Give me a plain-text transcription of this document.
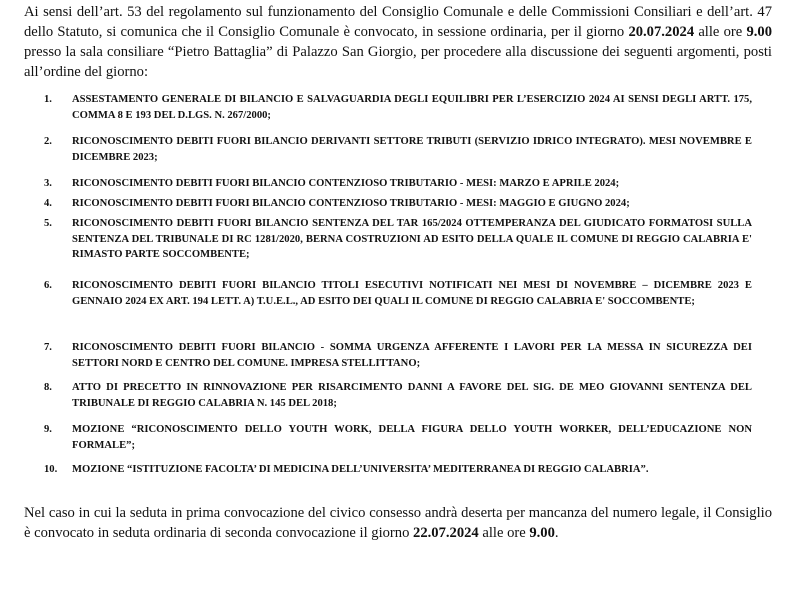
Ai sensi dell’art. 53 del regolamento sul funzionamento del Consiglio Comunale e delle Commissioni Consiliari e dell’art. 47 dello Statuto, si comunica che il Consiglio Comunale è convocato, in sessione ordinaria, per il giorno 20.07.2024 alle ore 9.00 presso la sala consiliare “Pietro Battaglia” di Palazzo San Giorgio, per procedere alla discussione dei seguenti argomenti, posti all’ordine del giorno:

1.	ASSESTAMENTO GENERALE DI BILANCIO E SALVAGUARDIA DEGLI EQUILIBRI PER L’ESERCIZIO 2024 AI SENSI DEGLI ARTT. 175, COMMA 8 E 193 DEL D.LGS. N. 267/2000;
2.	RICONOSCIMENTO DEBITI FUORI BILANCIO DERIVANTI SETTORE TRIBUTI (SERVIZIO IDRICO INTEGRATO). MESI NOVEMBRE E DICEMBRE 2023;
3.	RICONOSCIMENTO DEBITI FUORI BILANCIO CONTENZIOSO TRIBUTARIO - MESI: MARZO E APRILE 2024;
4.	RICONOSCIMENTO DEBITI FUORI BILANCIO CONTENZIOSO TRIBUTARIO - MESI: MAGGIO E GIUGNO 2024;
5.	RICONOSCIMENTO DEBITI FUORI BILANCIO SENTENZA DEL TAR 165/2024 OTTEMPERANZA DEL GIUDICATO FORMATOSI SULLA SENTENZA DEL TRIBUNALE DI RC 1281/2020, BERNA COSTRUZIONI AD ESITO DELLA QUALE IL COMUNE DI REGGIO CALABRIA E' RIMASTO PARTE SOCCOMBENTE;
6.	RICONOSCIMENTO DEBITI FUORI BILANCIO TITOLI ESECUTIVI NOTIFICATI NEI MESI DI NOVEMBRE – DICEMBRE 2023 E GENNAIO 2024 EX ART. 194 LETT. A) T.U.E.L., AD ESITO DEI QUALI IL COMUNE DI REGGIO CALABRIA E' SOCCOMBENTE;
7.	RICONOSCIMENTO DEBITI FUORI BILANCIO - SOMMA URGENZA AFFERENTE I LAVORI PER LA MESSA IN SICUREZZA DEI SETTORI NORD E CENTRO DEL COMUNE. IMPRESA STELLITTANO;
8.	ATTO DI PRECETTO IN RINNOVAZIONE PER RISARCIMENTO DANNI A FAVORE DEL SIG. DE MEO GIOVANNI SENTENZA DEL TRIBUNALE DI REGGIO CALABRIA N. 145 DEL 2018;
9.	MOZIONE “RICONOSCIMENTO DELLO YOUTH WORK, DELLA FIGURA DELLO YOUTH WORKER, DELL’EDUCAZIONE NON FORMALE”;
10.	MOZIONE “ISTITUZIONE FACOLTA’ DI MEDICINA DELL’UNIVERSITA’ MEDITERRANEA DI REGGIO CALABRIA”.

Nel caso in cui la seduta in prima convocazione del civico consesso andrà deserta per mancanza del numero legale, il Consiglio è convocato in seduta ordinaria di seconda convocazione il giorno 22.07.2024 alle ore 9.00.
